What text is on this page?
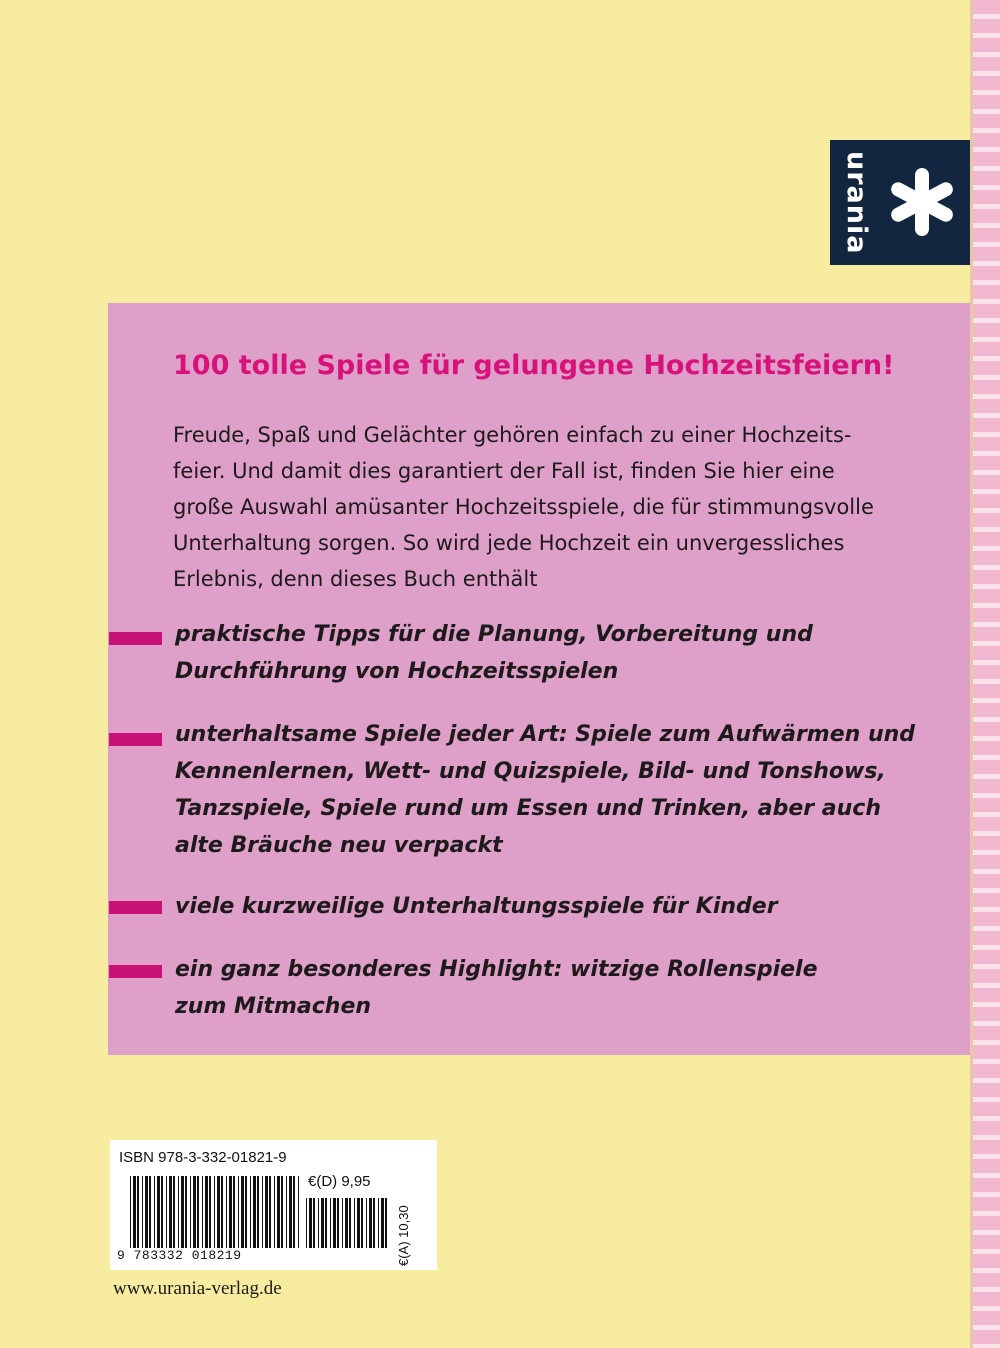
urania
100 tolle Spiele für gelungene Hochzeitsfeiern!

Freude, Spaß und Gelächter gehören einfach zu einer Hochzeits-

feier. Und damit dies garantiert der Fall ist, finden Sie hier eine

große Auswahl amüsanter Hochzeitsspiele, die für stimmungsvolle

Unterhaltung sorgen. So wird jede Hochzeit ein unvergessliches

Erlebnis, denn dieses Buch enthält

praktische Tipps für die Planung, Vorbereitung und

Durchführung von Hochzeitsspielen

unterhaltsame Spiele jeder Art: Spiele zum Aufwärmen und

Kennenlernen, Wett- und Quizspiele, Bild- und Tonshows,

Tanzspiele, Spiele rund um Essen und Trinken, aber auch

alte Bräuche neu verpackt

viele kurzweilige Unterhaltungsspiele für Kinder

ein ganz besonderes Highlight: witzige Rollenspiele

zum Mitmachen

ISBN 978-3-332-01821-9
€(D) 9,95
€(A) 10,30
9 783332 018219
www.urania-verlag.de
